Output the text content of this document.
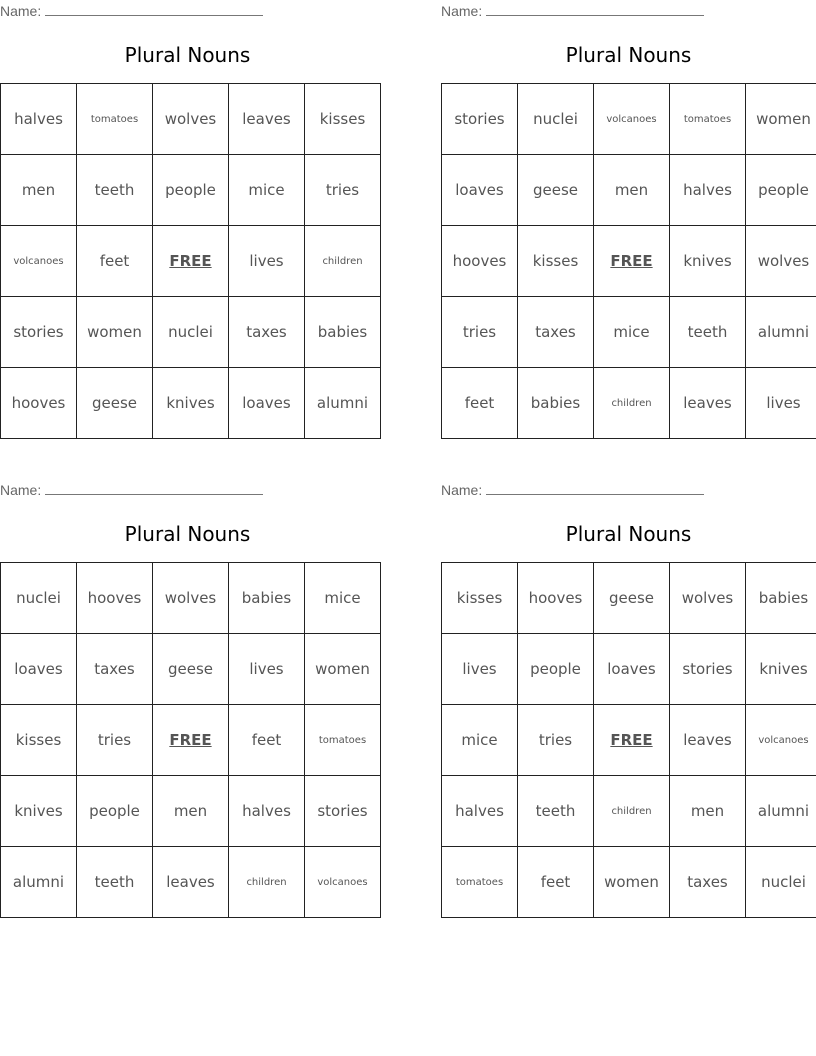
Name:
Plural Nouns
halves	tomatoes	wolves	leaves	kisses
men	teeth	people	mice	tries
volcanoes	feet	FREE	lives	children
stories	women	nuclei	taxes	babies
hooves	geese	knives	loaves	alumni
Name:
Plural Nouns
stories	nuclei	volcanoes	tomatoes	women
loaves	geese	men	halves	people
hooves	kisses	FREE	knives	wolves
tries	taxes	mice	teeth	alumni
feet	babies	children	leaves	lives
Name:
Plural Nouns
nuclei	hooves	wolves	babies	mice
loaves	taxes	geese	lives	women
kisses	tries	FREE	feet	tomatoes
knives	people	men	halves	stories
alumni	teeth	leaves	children	volcanoes
Name:
Plural Nouns
kisses	hooves	geese	wolves	babies
lives	people	loaves	stories	knives
mice	tries	FREE	leaves	volcanoes
halves	teeth	children	men	alumni
tomatoes	feet	women	taxes	nuclei
